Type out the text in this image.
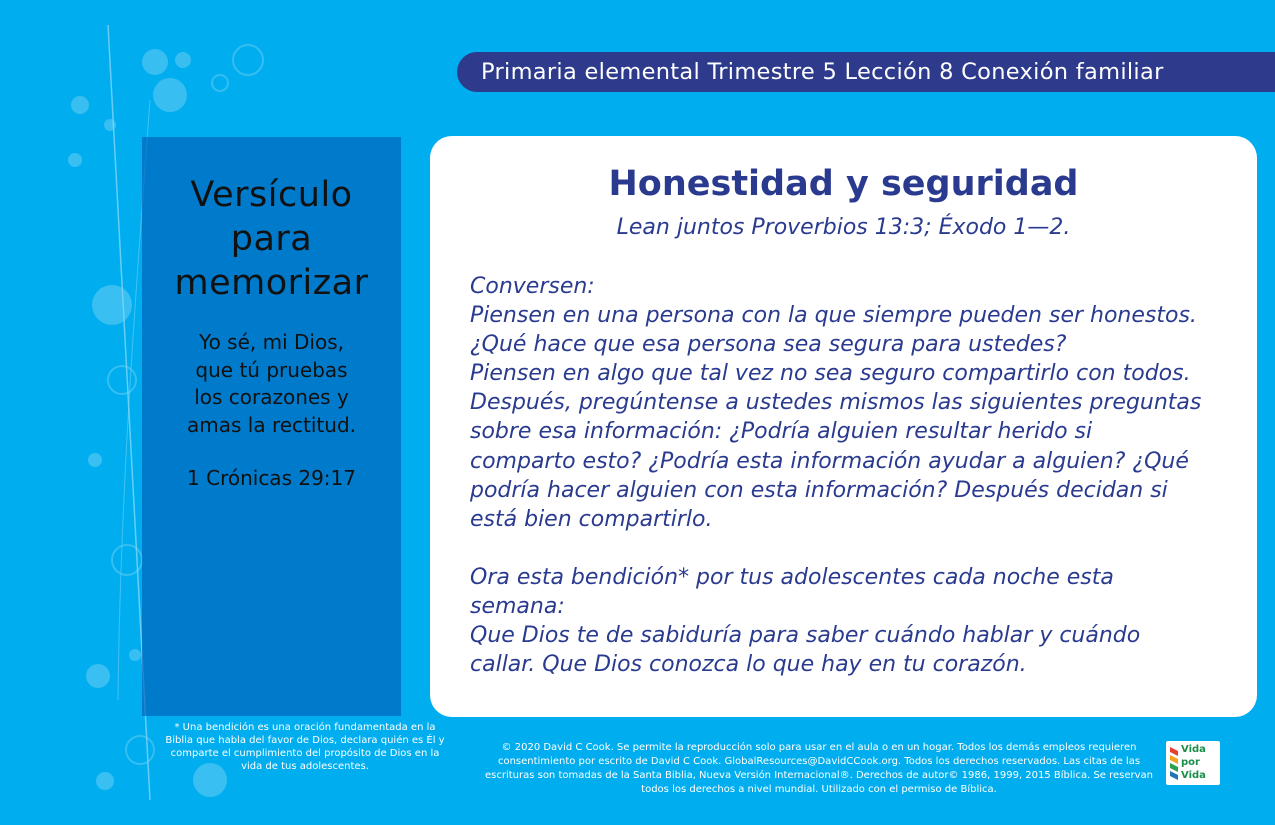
Primaria elemental Trimestre 5 Lección 8 Conexión familiar
Versículo
para
memorizar
Yo sé, mi Dios,
que tú pruebas
los corazones y
amas la rectitud.
1 Crónicas 29:17
Honestidad y seguridad
Lean juntos Proverbios 13:3; Éxodo 1—2.

Conversen:

Piensen en una persona con la que siempre pueden ser honestos.
¿Qué hace que esa persona sea segura para ustedes?
Piensen en algo que tal vez no sea seguro compartirlo con todos.
Después, pregúntense a ustedes mismos las siguientes preguntas
sobre esa información: ¿Podría alguien resultar herido si
comparto esto? ¿Podría esta información ayudar a alguien? ¿Qué
podría hacer alguien con esta información? Después decidan si
está bien compartirlo.

Ora esta bendición* por tus adolescentes cada noche esta
semana:

Que Dios te de sabiduría para saber cuándo hablar y cuándo
callar. Que Dios conozca lo que hay en tu corazón.

* Una bendición es una oración fundamentada en la Biblia que habla del favor de Dios, declara quién es Él y comparte el cumplimiento del propósito de Dios en la vida de tus adolescentes.
© 2020 David C Cook. Se permite la reproducción solo para usar en el aula o en un hogar. Todos los demás empleos requieren consentimiento por escrito de David C Cook. GlobalResources@DavidCCook.org. Todos los derechos reservados. Las citas de las escrituras son tomadas de la Santa Biblia, Nueva Versión Internacional®. Derechos de autor© 1986, 1999, 2015 Bíblica. Se reservan todos los derechos a nivel mundial. Utilizado con el permiso de Bíblica.
Vida
por
Vida
